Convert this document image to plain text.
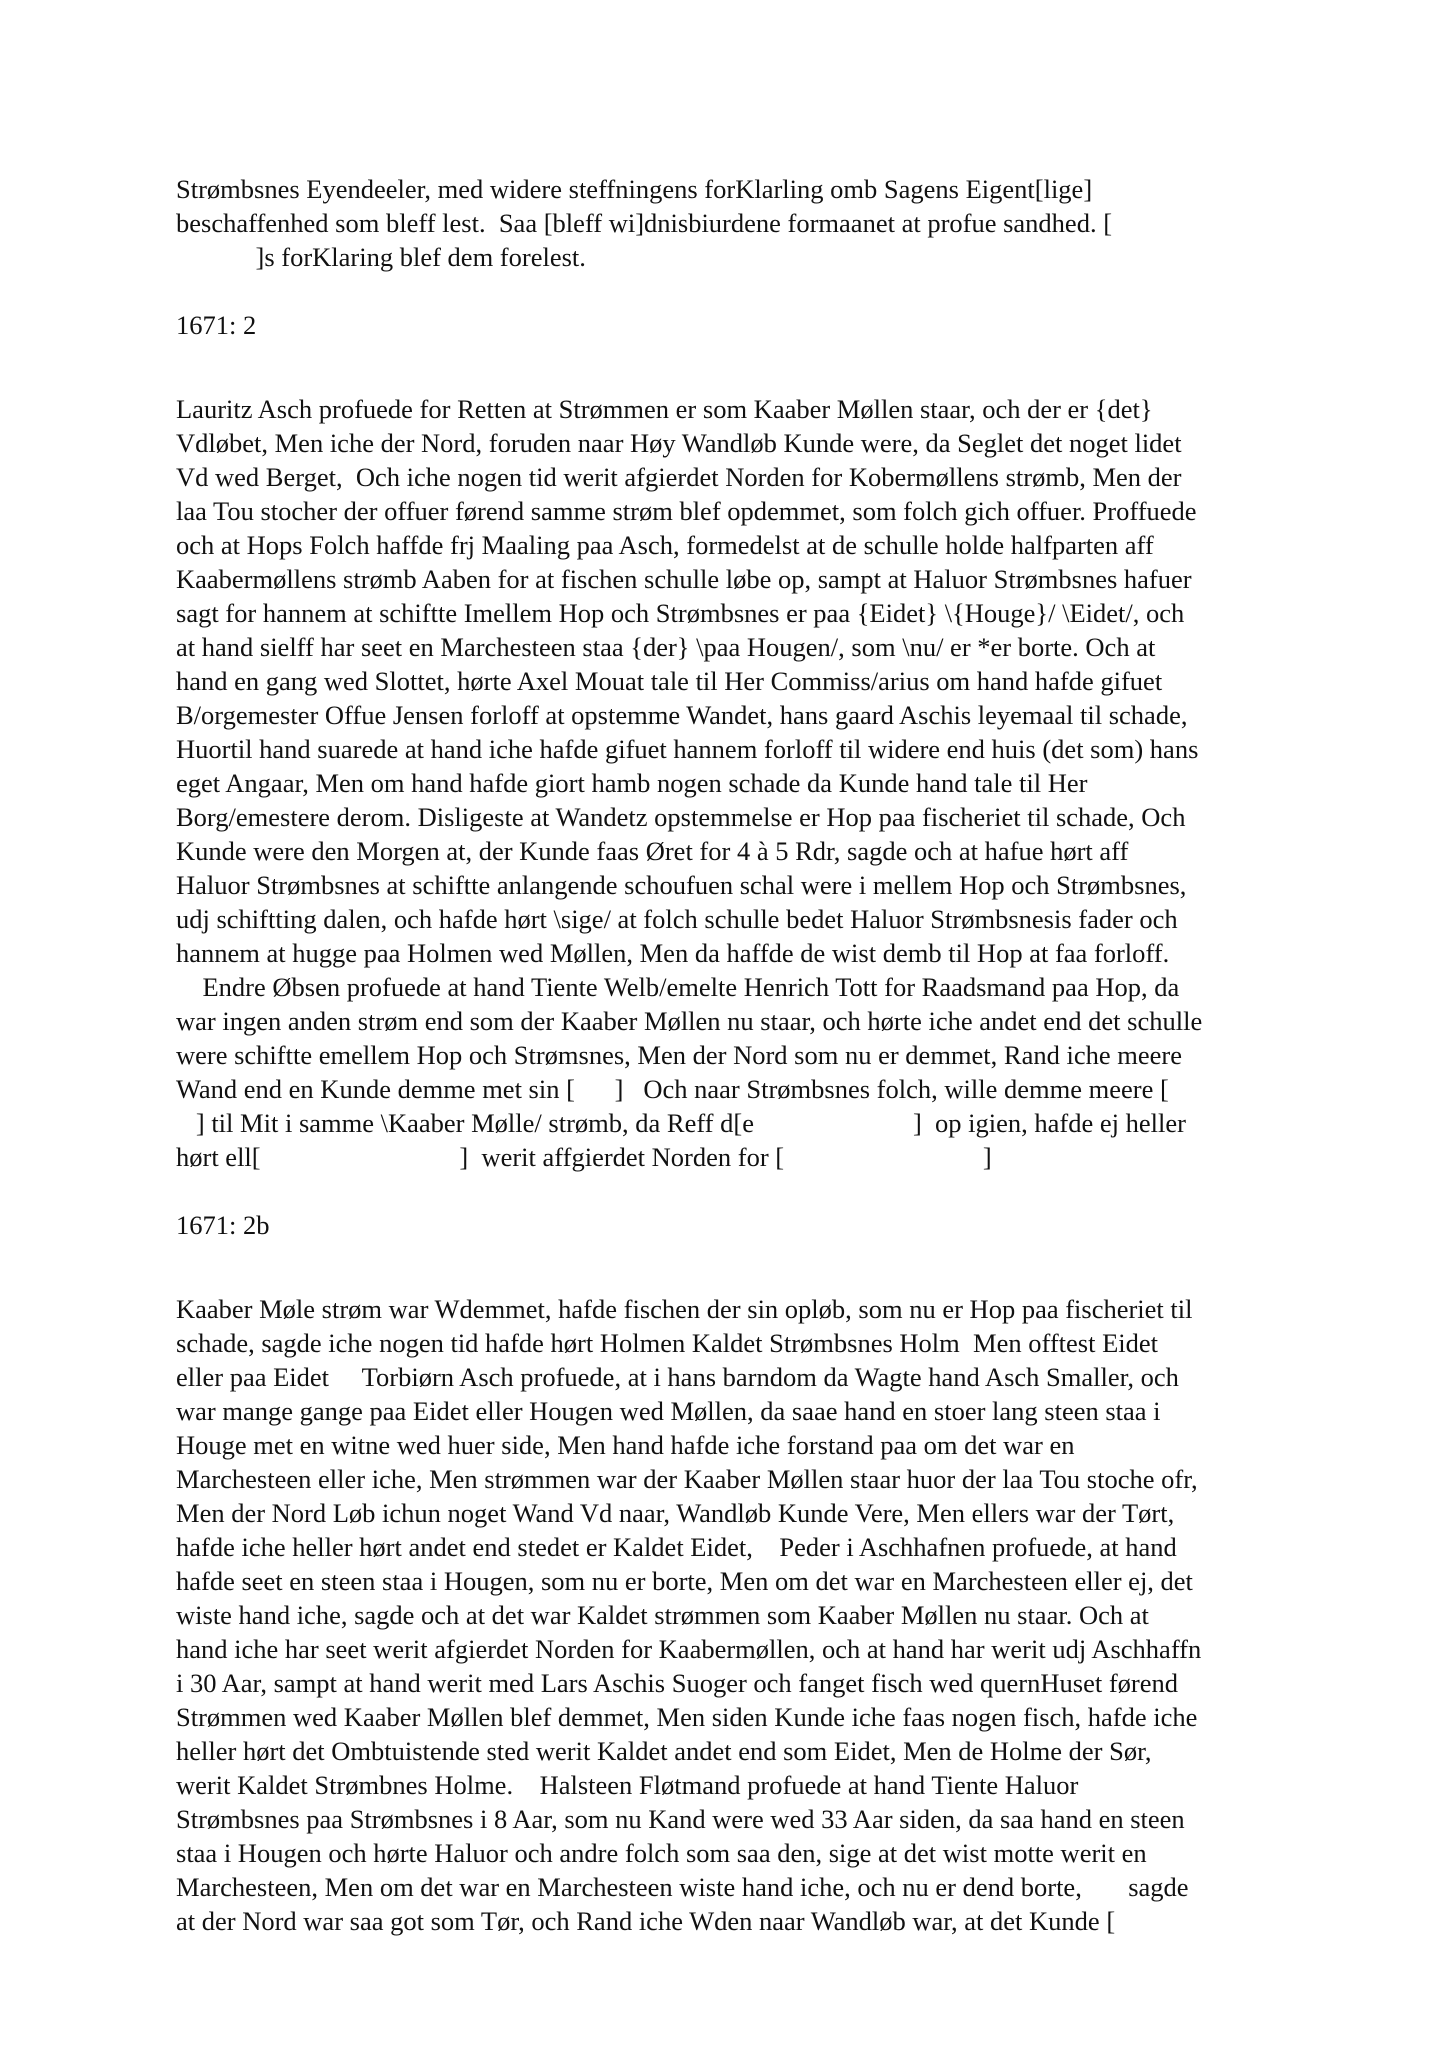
Strømbsnes Eyendeeler, med widere steffningens forKlarling omb Sagens Eigent[lige]
beschaffenhed som bleff lest.  Saa [bleff wi]dnisbiurdene formaanet at profue sandhed. [
]s forKlaring blef dem forelest.
1671: 2
Lauritz Asch profuede for Retten at Strømmen er som Kaaber Møllen staar, och der er {det}
Vdløbet, Men iche der Nord, foruden naar Høy Wandløb Kunde were, da Seglet det noget lidet
Vd wed Berget,  Och iche nogen tid werit afgierdet Norden for Kobermøllens strømb, Men der
laa Tou stocher der offuer førend samme strøm blef opdemmet, som folch gich offuer. Proffuede
och at Hops Folch haffde frj Maaling paa Asch, formedelst at de schulle holde halfparten aff
Kaabermøllens strømb Aaben for at fischen schulle løbe op, sampt at Haluor Strømbsnes hafuer
sagt for hannem at schiftte Imellem Hop och Strømbsnes er paa {Eidet} \{Houge}/ \Eidet/, och
at hand sielff har seet en Marchesteen staa {der} \paa Hougen/, som \nu/ er *er borte. Och at
hand en gang wed Slottet, hørte Axel Mouat tale til Her Commiss/arius om hand hafde gifuet
B/orgemester Offue Jensen forloff at opstemme Wandet, hans gaard Aschis leyemaal til schade,
Huortil hand suarede at hand iche hafde gifuet hannem forloff til widere end huis (det som) hans
eget Angaar, Men om hand hafde giort hamb nogen schade da Kunde hand tale til Her
Borg/emestere derom. Disligeste at Wandetz opstemmelse er Hop paa fischeriet til schade, Och
Kunde were den Morgen at, der Kunde faas Øret for 4 à 5 Rdr, sagde och at hafue hørt aff
Haluor Strømbsnes at schiftte anlangende schoufuen schal were i mellem Hop och Strømbsnes,
udj schiftting dalen, och hafde hørt \sige/ at folch schulle bedet Haluor Strømbsnesis fader och
hannem at hugge paa Holmen wed Møllen, Men da haffde de wist demb til Hop at faa forloff.
Endre Øbsen profuede at hand Tiente Welb/emelte Henrich Tott for Raadsmand paa Hop, da
war ingen anden strøm end som der Kaaber Møllen nu staar, och hørte iche andet end det schulle
were schiftte emellem Hop och Strømsnes, Men der Nord som nu er demmet, Rand iche meere
Wand end en Kunde demme met sin [      ]   Och naar Strømbsnes folch, wille demme meere [
] til Mit i samme \Kaaber Mølle/ strømb, da Reff d[e                        ]  op igien, hafde ej heller
hørt ell[                              ]  werit affgierdet Norden for [                              ]
1671: 2b
Kaaber Møle strøm war Wdemmet, hafde fischen der sin opløb, som nu er Hop paa fischeriet til
schade, sagde iche nogen tid hafde hørt Holmen Kaldet Strømbsnes Holm  Men offtest Eidet
eller paa Eidet     Torbiørn Asch profuede, at i hans barndom da Wagte hand Asch Smaller, och
war mange gange paa Eidet eller Hougen wed Møllen, da saae hand en stoer lang steen staa i
Houge met en witne wed huer side, Men hand hafde iche forstand paa om det war en
Marchesteen eller iche, Men strømmen war der Kaaber Møllen staar huor der laa Tou stoche ofr,
Men der Nord Løb ichun noget Wand Vd naar, Wandløb Kunde Vere, Men ellers war der Tørt,
hafde iche heller hørt andet end stedet er Kaldet Eidet,    Peder i Aschhafnen profuede, at hand
hafde seet en steen staa i Hougen, som nu er borte, Men om det war en Marchesteen eller ej, det
wiste hand iche, sagde och at det war Kaldet strømmen som Kaaber Møllen nu staar. Och at
hand iche har seet werit afgierdet Norden for Kaabermøllen, och at hand har werit udj Aschhaffn
i 30 Aar, sampt at hand werit med Lars Aschis Suoger och fanget fisch wed quernHuset førend
Strømmen wed Kaaber Møllen blef demmet, Men siden Kunde iche faas nogen fisch, hafde iche
heller hørt det Ombtuistende sted werit Kaldet andet end som Eidet, Men de Holme der Sør,
werit Kaldet Strømbnes Holme.    Halsteen Fløtmand profuede at hand Tiente Haluor
Strømbsnes paa Strømbsnes i 8 Aar, som nu Kand were wed 33 Aar siden, da saa hand en steen
staa i Hougen och hørte Haluor och andre folch som saa den, sige at det wist motte werit en
Marchesteen, Men om det war en Marchesteen wiste hand iche, och nu er dend borte,       sagde
at der Nord war saa got som Tør, och Rand iche Wden naar Wandløb war, at det Kunde [
